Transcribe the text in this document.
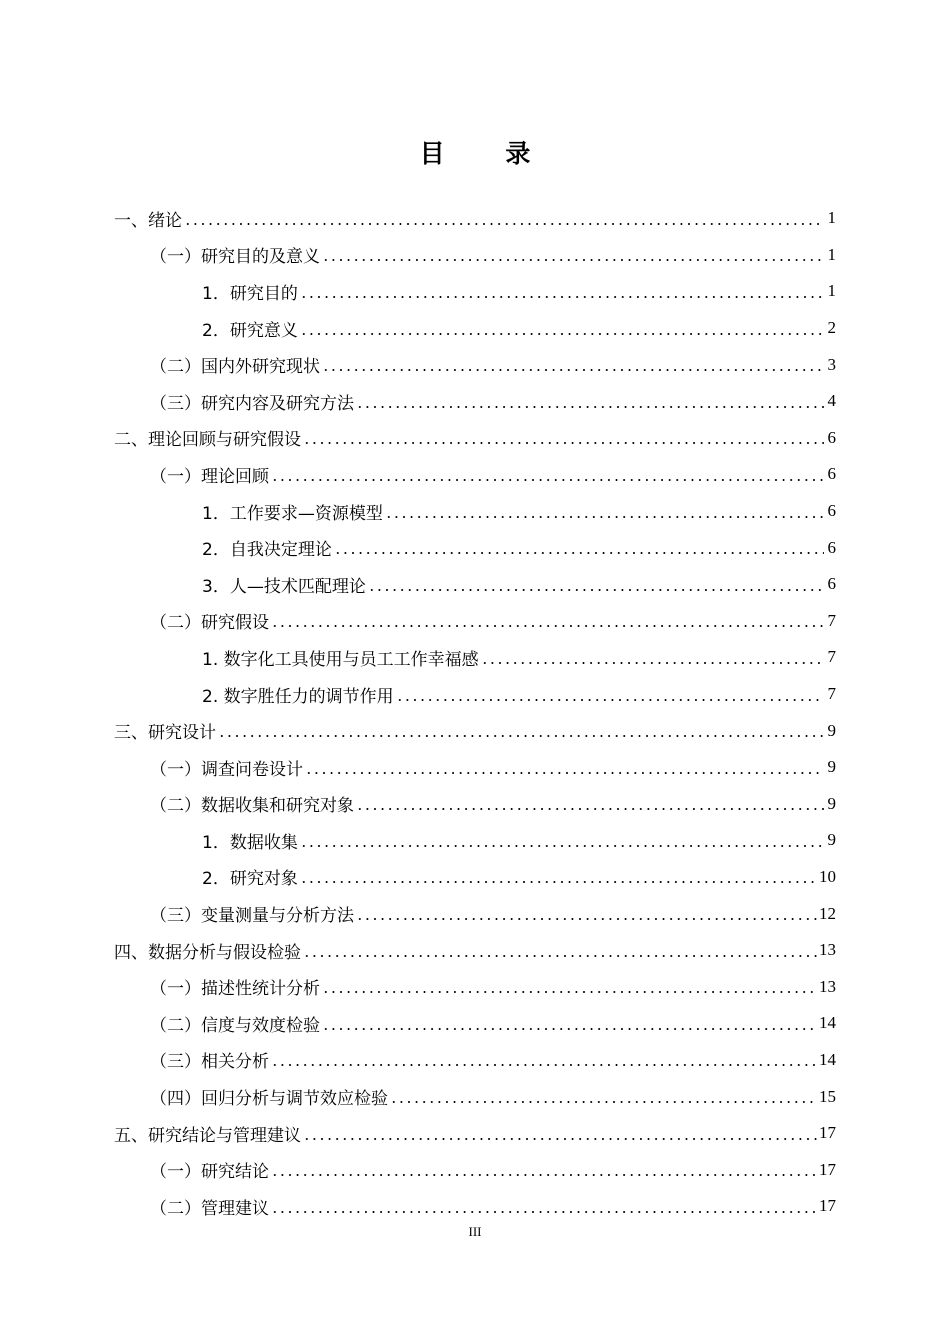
目 录
一、绪论	1
（一）研究目的及意义	1
1．研究目的	1
2．研究意义	2
（二）国内外研究现状	3
（三）研究内容及研究方法	4
二、理论回顾与研究假设	6
（一）理论回顾	6
1．工作要求—资源模型	6
2．自我决定理论	6
3．人—技术匹配理论	6
（二）研究假设	7
1. 数字化工具使用与员工工作幸福感	7
2. 数字胜任力的调节作用	7
三、研究设计	9
（一）调查问卷设计	9
（二）数据收集和研究对象	9
1．数据收集	9
2．研究对象	10
（三）变量测量与分析方法	12
四、数据分析与假设检验	13
（一）描述性统计分析	13
（二）信度与效度检验	14
（三）相关分析	14
（四）回归分析与调节效应检验	15
五、研究结论与管理建议	17
（一）研究结论	17
（二）管理建议	17
III
